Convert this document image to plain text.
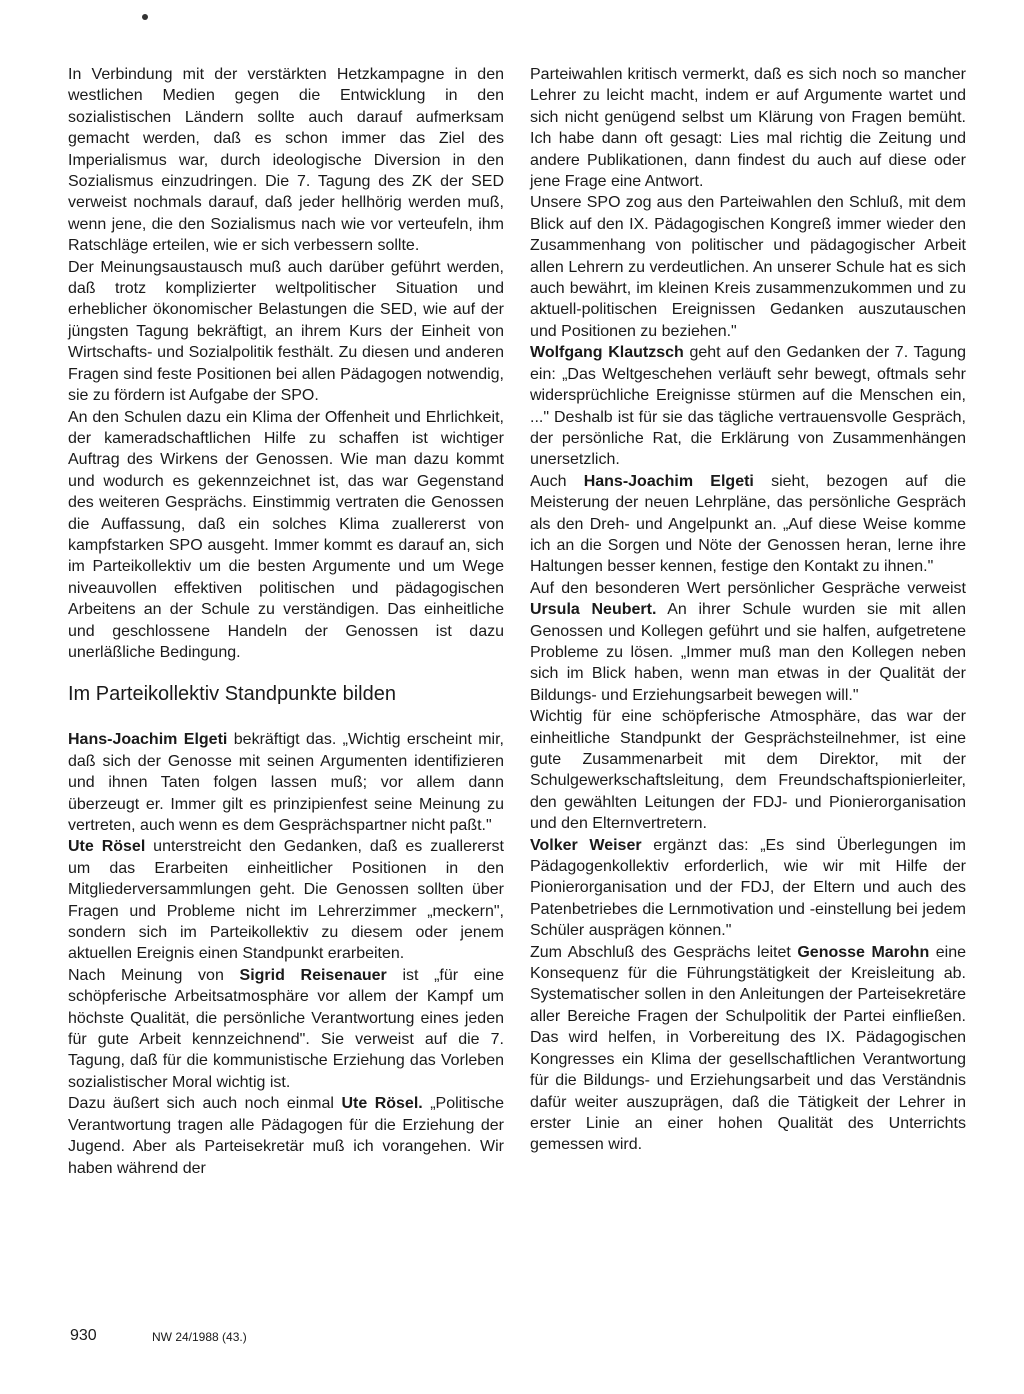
In Verbindung mit der verstärkten Hetzkampagne in den westlichen Medien gegen die Entwicklung in den sozialistischen Ländern sollte auch darauf aufmerksam gemacht werden, daß es schon immer das Ziel des Imperialismus war, durch ideologische Diversion in den Sozialismus einzudringen. Die 7. Tagung des ZK der SED verweist nochmals darauf, daß jeder hellhörig werden muß, wenn jene, die den Sozialismus nach wie vor verteufeln, ihm Ratschläge erteilen, wie er sich verbessern sollte.

Der Meinungsaustausch muß auch darüber geführt werden, daß trotz komplizierter weltpolitischer Situation und erheblicher ökonomischer Belastungen die SED, wie auf der jüngsten Tagung bekräftigt, an ihrem Kurs der Einheit von Wirtschafts- und Sozialpolitik festhält. Zu diesen und anderen Fragen sind feste Positionen bei allen Pädagogen notwendig, sie zu fördern ist Aufgabe der SPO.

An den Schulen dazu ein Klima der Offenheit und Ehrlichkeit, der kameradschaftlichen Hilfe zu schaffen ist wichtiger Auftrag des Wirkens der Genossen. Wie man dazu kommt und wodurch es gekennzeichnet ist, das war Gegenstand des weiteren Gesprächs. Einstimmig vertraten die Genossen die Auffassung, daß ein solches Klima zuallererst von kampfstarken SPO ausgeht. Immer kommt es darauf an, sich im Parteikollektiv um die besten Argumente und um Wege niveauvollen effektiven politischen und pädagogischen Arbeitens an der Schule zu verständigen. Das einheitliche und geschlossene Handeln der Genossen ist dazu unerläßliche Bedingung.

Im Parteikollektiv Standpunkte bilden

Hans-Joachim Elgeti bekräftigt das. „Wichtig erscheint mir, daß sich der Genosse mit seinen Argumenten identifizieren und ihnen Taten folgen lassen muß; vor allem dann überzeugt er. Immer gilt es prinzipienfest seine Meinung zu vertreten, auch wenn es dem Gesprächspartner nicht paßt."

Ute Rösel unterstreicht den Gedanken, daß es zuallererst um das Erarbeiten einheitlicher Positionen in den Mitgliederversammlungen geht. Die Genossen sollten über Fragen und Probleme nicht im Lehrerzimmer „meckern", sondern sich im Parteikollektiv zu diesem oder jenem aktuellen Ereignis einen Standpunkt erarbeiten.

Nach Meinung von Sigrid Reisenauer ist „für eine schöpferische Arbeitsatmosphäre vor allem der Kampf um höchste Qualität, die persönliche Verantwortung eines jeden für gute Arbeit kennzeichnend". Sie verweist auf die 7. Tagung, daß für die kommunistische Erziehung das Vorleben sozialistischer Moral wichtig ist.

Dazu äußert sich auch noch einmal Ute Rösel. „Politische Verantwortung tragen alle Pädagogen für die Erziehung der Jugend. Aber als Parteisekretär muß ich vorangehen. Wir haben während der

Parteiwahlen kritisch vermerkt, daß es sich noch so mancher Lehrer zu leicht macht, indem er auf Argumente wartet und sich nicht genügend selbst um Klärung von Fragen bemüht. Ich habe dann oft gesagt: Lies mal richtig die Zeitung und andere Publikationen, dann findest du auch auf diese oder jene Frage eine Antwort.

Unsere SPO zog aus den Parteiwahlen den Schluß, mit dem Blick auf den IX. Pädagogischen Kongreß immer wieder den Zusammenhang von politischer und pädagogischer Arbeit allen Lehrern zu verdeutlichen. An unserer Schule hat es sich auch bewährt, im kleinen Kreis zusammenzukommen und zu aktuell-politischen Ereignissen Gedanken auszutauschen und Positionen zu beziehen."

Wolfgang Klautzsch geht auf den Gedanken der 7. Tagung ein: „Das Weltgeschehen verläuft sehr bewegt, oftmals sehr widersprüchliche Ereignisse stürmen auf die Menschen ein, ..." Deshalb ist für sie das tägliche vertrauensvolle Gespräch, der persönliche Rat, die Erklärung von Zusammenhängen unersetzlich.

Auch Hans-Joachim Elgeti sieht, bezogen auf die Meisterung der neuen Lehrpläne, das persönliche Gespräch als den Dreh- und Angelpunkt an. „Auf diese Weise komme ich an die Sorgen und Nöte der Genossen heran, lerne ihre Haltungen besser kennen, festige den Kontakt zu ihnen."

Auf den besonderen Wert persönlicher Gespräche verweist Ursula Neubert. An ihrer Schule wurden sie mit allen Genossen und Kollegen geführt und sie halfen, aufgetretene Probleme zu lösen. „Immer muß man den Kollegen neben sich im Blick haben, wenn man etwas in der Qualität der Bildungs- und Erziehungsarbeit bewegen will."

Wichtig für eine schöpferische Atmosphäre, das war der einheitliche Standpunkt der Gesprächsteilnehmer, ist eine gute Zusammenarbeit mit dem Direktor, mit der Schulgewerkschaftsleitung, dem Freundschaftspionierleiter, den gewählten Leitungen der FDJ- und Pionierorganisation und den Elternvertretern.

Volker Weiser ergänzt das: „Es sind Überlegungen im Pädagogenkollektiv erforderlich, wie wir mit Hilfe der Pionierorganisation und der FDJ, der Eltern und auch des Patenbetriebes die Lernmotivation und -einstellung bei jedem Schüler ausprägen können."

Zum Abschluß des Gesprächs leitet Genosse Marohn eine Konsequenz für die Führungstätigkeit der Kreisleitung ab. Systematischer sollen in den Anleitungen der Parteisekretäre aller Bereiche Fragen der Schulpolitik der Partei einfließen. Das wird helfen, in Vorbereitung des IX. Pädagogischen Kongresses ein Klima der gesellschaftlichen Verantwortung für die Bildungs- und Erziehungsarbeit und das Verständnis dafür weiter auszuprägen, daß die Tätigkeit der Lehrer in erster Linie an einer hohen Qualität des Unterrichts gemessen wird.

930	NW 24/1988 (43.)
